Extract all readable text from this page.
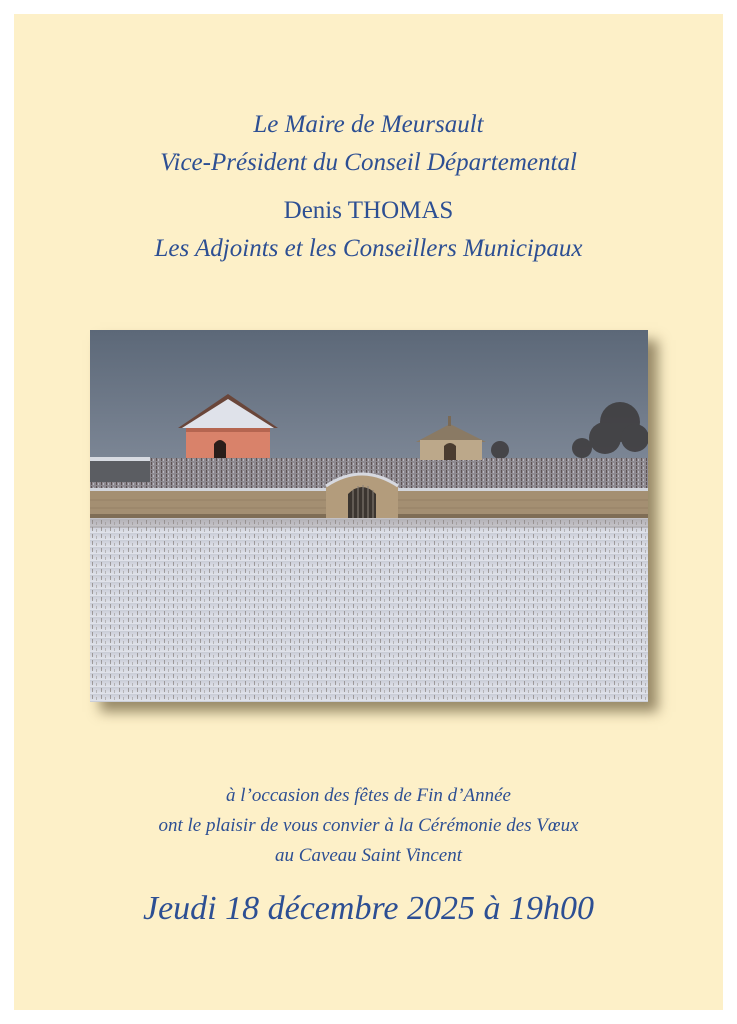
Le Maire de Meursault
Vice-Président du Conseil Départemental
Denis THOMAS
Les Adjoints et les Conseillers Municipaux
à l’occasion des fêtes de Fin d’Année
ont le plaisir de vous convier à la Cérémonie des Vœux
au Caveau Saint Vincent
Jeudi 18 décembre 2025 à 19h00
